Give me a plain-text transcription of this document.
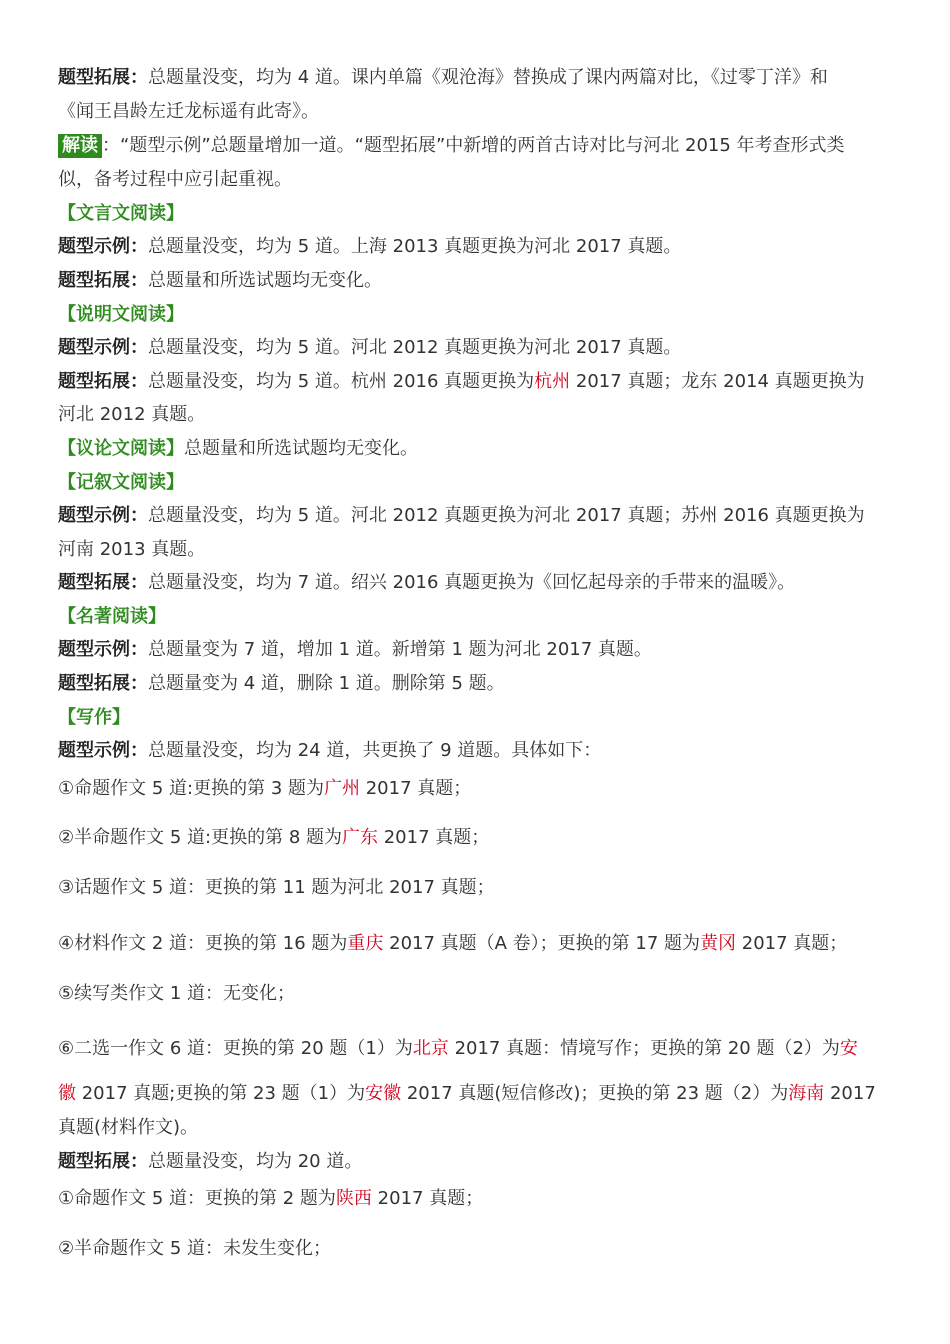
题型拓展：总题量没变，均为 4 道。课内单篇《观沧海》替换成了课内两篇对比，《过零丁洋》和
《闻王昌龄左迁龙标遥有此寄》。
解读 ：“题型示例”总题量增加一道。“题型拓展”中新增的两首古诗对比与河北 2015 年考查形式类
似，备考过程中应引起重视。
【文言文阅读】
题型示例：总题量没变，均为 5 道。上海 2013 真题更换为河北 2017 真题。
题型拓展：总题量和所选试题均无变化。
【说明文阅读】
题型示例：总题量没变，均为 5 道。河北 2012 真题更换为河北 2017 真题。
题型拓展：总题量没变，均为 5 道。杭州 2016 真题更换为杭州 2017 真题；龙东 2014 真题更换为
河北 2012 真题。
【议论文阅读】总题量和所选试题均无变化。
【记叙文阅读】
题型示例：总题量没变，均为 5 道。河北 2012 真题更换为河北 2017 真题；苏州 2016 真题更换为
河南 2013 真题。
题型拓展：总题量没变，均为 7 道。绍兴 2016 真题更换为《回忆起母亲的手带来的温暖》。
【名著阅读】
题型示例：总题量变为 7 道，增加 1 道。新增第 1 题为河北 2017 真题。
题型拓展：总题量变为 4 道，删除 1 道。删除第 5 题。
【写作】
题型示例：总题量没变，均为 24 道，共更换了 9 道题。具体如下：
①命题作文 5 道:更换的第 3 题为广州 2017 真题；
②半命题作文 5 道:更换的第 8 题为广东 2017 真题；
③话题作文 5 道：更换的第 11 题为河北 2017 真题；
④材料作文 2 道：更换的第 16 题为重庆 2017 真题（A 卷）；更换的第 17 题为黄冈 2017 真题；
⑤续写类作文 1 道：无变化；
⑥二选一作文 6 道：更换的第 20 题（1）为北京 2017 真题：情境写作；更换的第 20 题（2）为安
徽 2017 真题;更换的第 23 题（1）为安徽 2017 真题(短信修改)；更换的第 23 题（2）为海南 2017
真题(材料作文)。
题型拓展：总题量没变，均为 20 道。
①命题作文 5 道：更换的第 2 题为陕西 2017 真题；
②半命题作文 5 道：未发生变化；
